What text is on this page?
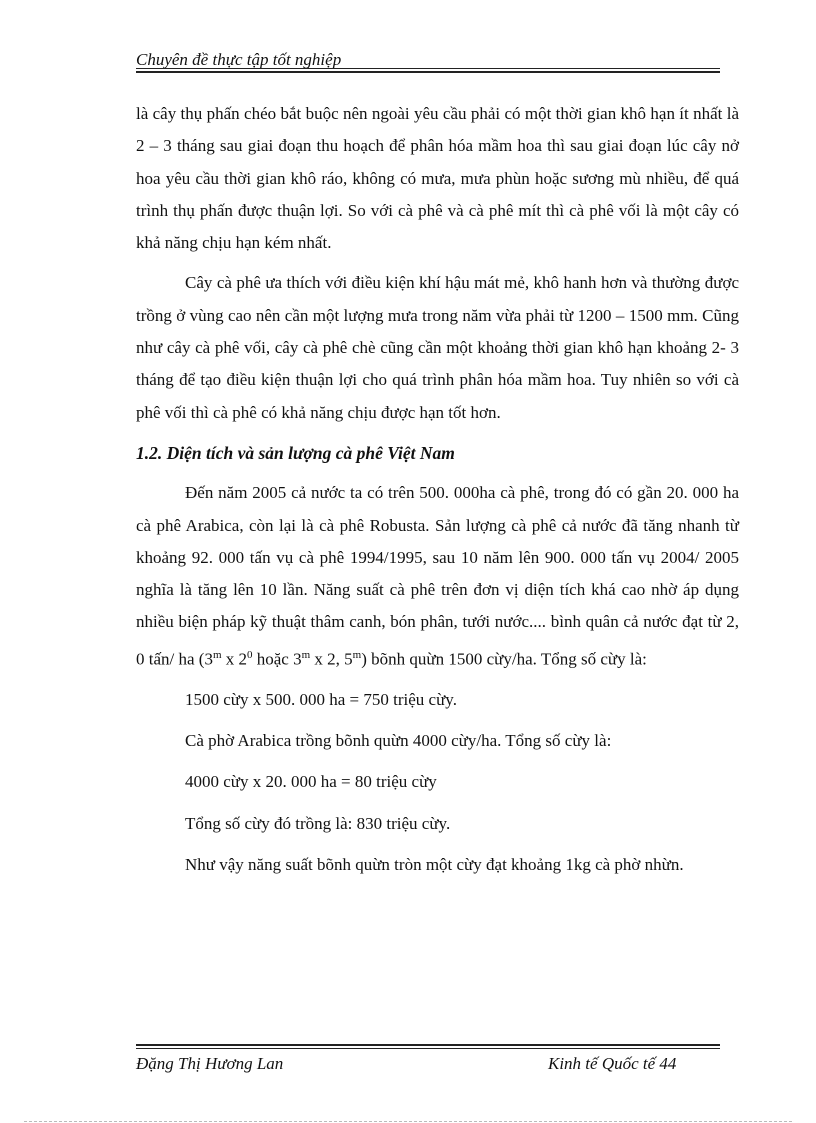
Chuyên đề thực tập tốt nghiệp

là cây thụ phấn chéo bắt buộc nên ngoài yêu cầu phải có một thời gian khô hạn ít nhất là 2 – 3 tháng sau giai đoạn thu hoạch để phân hóa mầm hoa thì sau giai đoạn lúc cây nở hoa yêu cầu thời gian khô ráo, không có mưa, mưa phùn hoặc sương mù nhiều, để quá trình thụ phấn được thuận lợi. So với cà phê và cà phê mít thì cà phê vối là một cây có khả năng chịu hạn kém nhất.

Cây cà phê ưa thích với điều kiện khí hậu mát mẻ, khô hanh hơn và thường được trồng ở vùng cao nên cần một lượng mưa trong năm vừa phải từ 1200 – 1500 mm. Cũng như cây cà phê vối, cây cà phê chè cũng cần một khoảng thời gian khô hạn khoảng 2- 3 tháng để tạo điều kiện thuận lợi cho quá trình phân hóa mầm hoa. Tuy nhiên so với cà phê vối thì cà phê có khả năng chịu được hạn tốt hơn.

1.2. Diện tích và sản lượng cà phê Việt Nam

Đến năm 2005 cả nước ta có trên 500. 000ha cà phê, trong đó có gần 20. 000 ha cà phê Arabica, còn lại là cà phê Robusta. Sản lượng cà phê cả nước đã tăng nhanh từ khoảng 92. 000 tấn vụ cà phê 1994/1995, sau 10 năm lên 900. 000 tấn vụ 2004/ 2005 nghĩa là tăng lên 10 lần. Năng suất cà phê trên đơn vị diện tích khá cao nhờ áp dụng nhiều biện pháp kỹ thuật thâm canh, bón phân, tưới nước.... bình quân cả nước đạt từ 2, 0 tấn/ ha (3$^m$ x $2^0$ hoặc 3$^m$ x 2, 5$^m$) bõnh quừn 1500 cừy/ha. Tổng số cừy là:

1500 cừy x 500. 000 ha = 750 triệu cừy.

Cà phờ Arabica trồng bõnh quừn 4000 cừy/ha. Tổng số cừy là:

4000 cừy x 20. 000 ha = 80 triệu cừy

Tổng số cừy đó trồng là: 830 triệu cừy.

Như vậy năng suất bõnh quừn tròn một cừy đạt khoảng 1kg cà phờ nhừn.

Đặng Thị Hương Lan	Kinh tế Quốc tế 44
